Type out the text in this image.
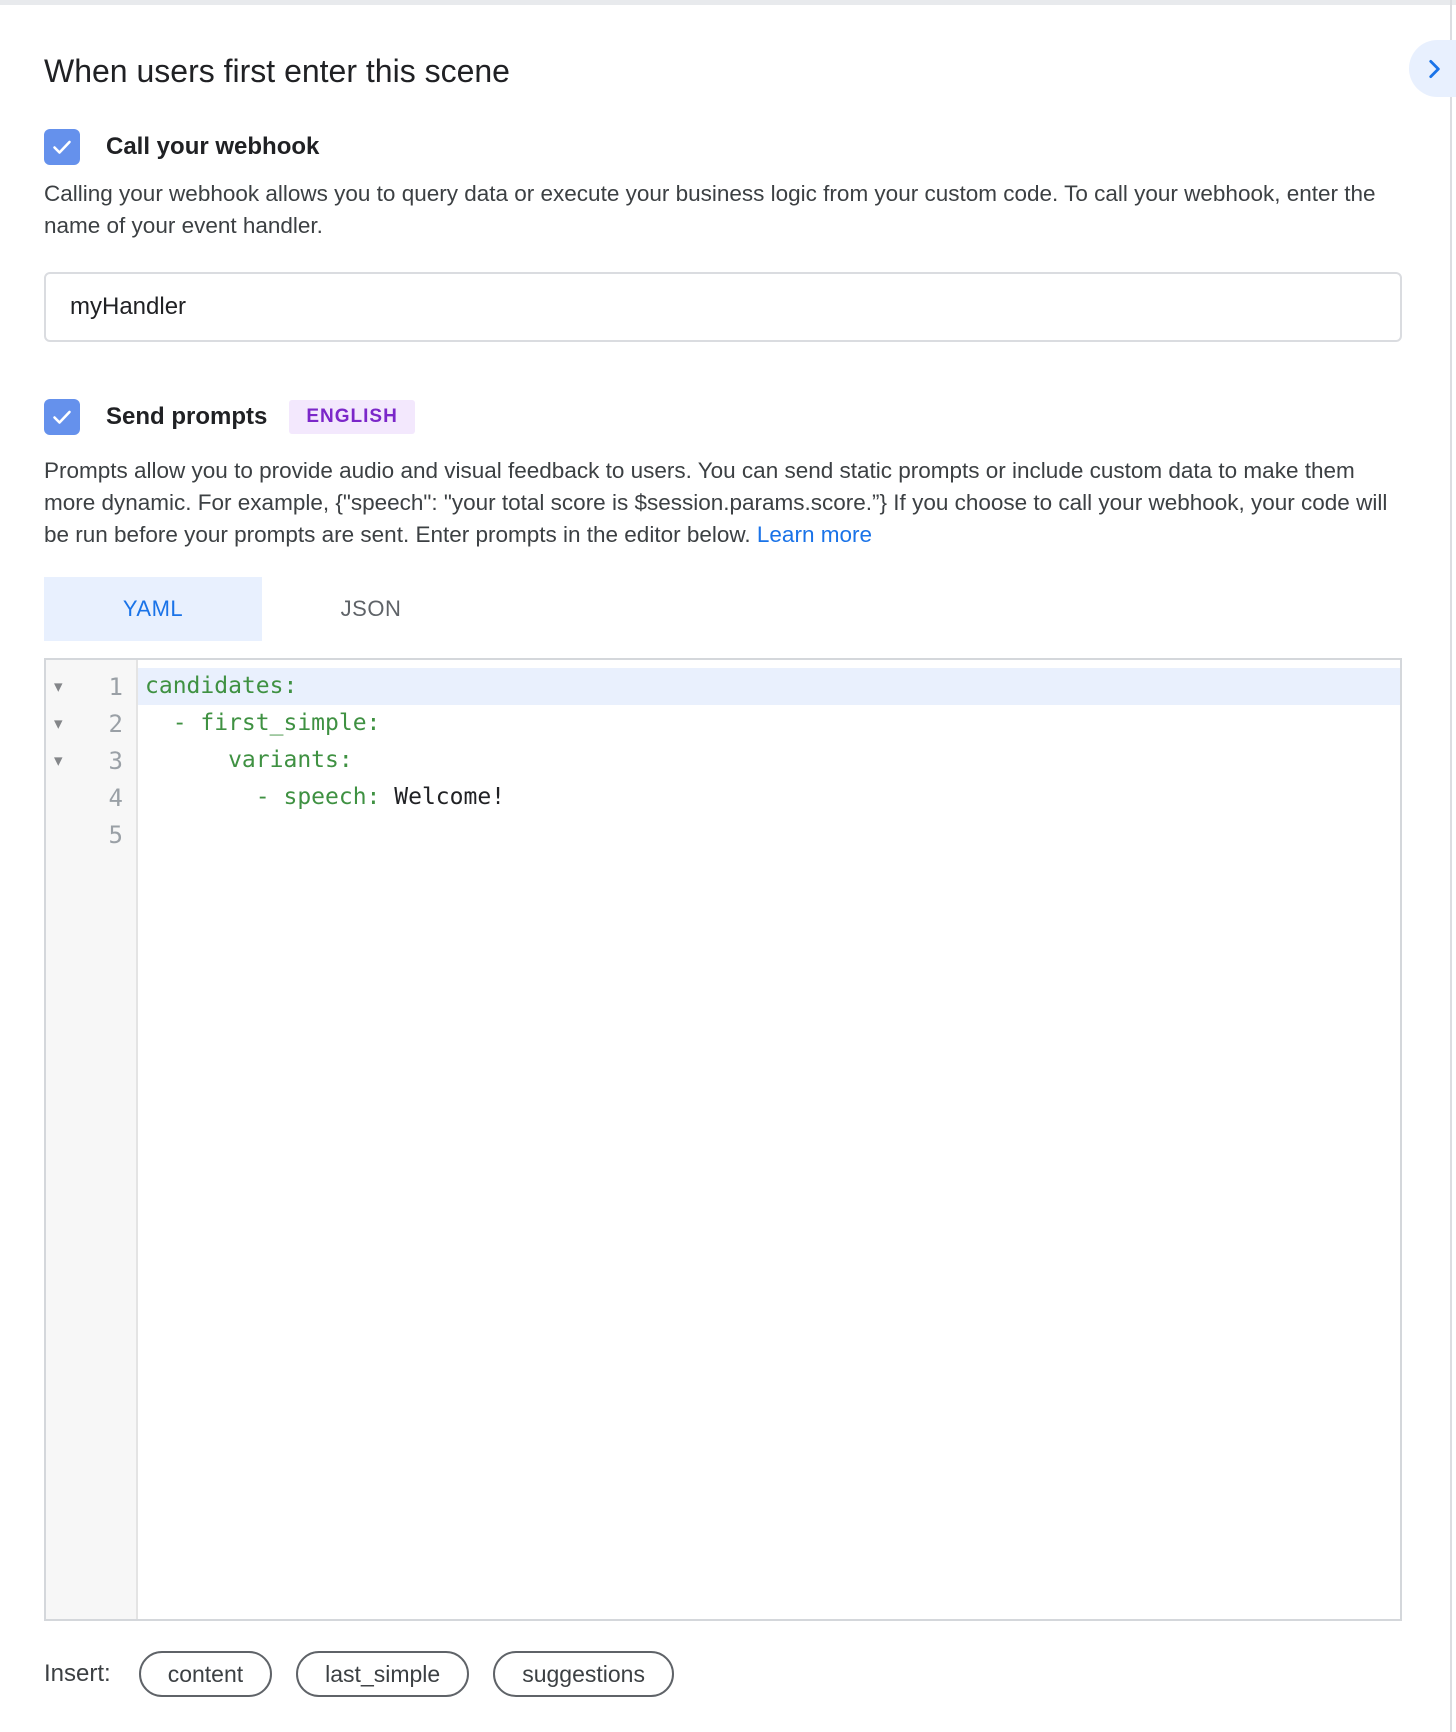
When users first enter this scene
Call your webhook

Calling your webhook allows you to query data or execute your business logic from your custom code. To call your webhook, enter the name of your event handler.

myHandler
Send prompts	ENGLISH

Prompts allow you to provide audio and visual feedback to users. You can send static prompts or include custom data to make them more dynamic. For example, {"speech": "your total score is $session.params.score.”} If you choose to call your webhook, your code will be run before your prompts are sent. Enter prompts in the editor below. Learn more

YAML	JSON
▾	1
▾	2
▾	3
4
5
candidates:
- first_simple:
variants:
- speech: Welcome!
Insert:	content	last_simple	suggestions
